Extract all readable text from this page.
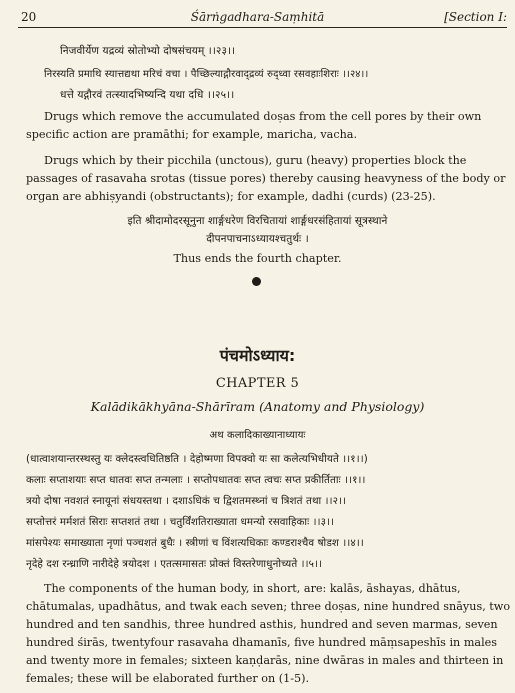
20	Śārṅgadhara-Saṃhitā	[Section I:
निजवीर्येण यद्रव्यं स्रोतोभ्यो दोषसंचयम् ।।२३।।
निरस्यति प्रमाथि स्यात्तद्यथा मरिचं वचा । पैच्छिल्याद्गौरवाद्द्रव्यं रुद्ध्वा रसवहाःशिराः ।।२४।।
धत्ते यद्गौरवं तत्स्यादभिष्यन्दि यथा दधि ।।२५।।
Drugs which remove the accumulated doṣas from the cell pores by their own
specific action are pramāthi; for example, maricha, vacha.
Drugs which by their picchila (unctous), guru (heavy) properties block the
passages of rasavaha srotas (tissue pores) thereby causing heavyness of the body or
organ are abhiṣyandi (obstructants); for example, dadhi (curds) (23-25).
इति श्रीदामोदरसूनुना शार्ङ्गधरेण विरचितायां शार्ङ्गधरसंहितायां सूत्रस्थाने
दीपनपाचनाऽध्यायश्चतुर्थः ।
Thus ends the fourth chapter.
पंचमोऽध्याय:
CHAPTER 5
Kalādikākhyāna-Shārīram (Anatomy and Physiology)
अथ कलादिकाख्यानाध्यायः
(धात्वाशयान्तरस्थस्तु यः क्लेदस्त्वधितिष्ठति । देहोष्मणा विपक्वो यः सा कलेत्यभिधीयते ।।१।।)
कलाः सप्ताशयाः सप्त धातवः सप्त तन्मलाः । सप्तोपधातवः सप्त त्वचः सप्त प्रकीर्तिताः ।।१।।
त्रयो दोषा नवशतं स्नायूनां संधयस्तथा । दशाऽधिकं च द्विशतमस्थ्नां च त्रिशतं तथा ।।२।।
सप्तोत्तरं मर्मशतं सिराः सप्तशतं तथा । चतुर्विंशतिराख्याता धमन्यो रसवाहिकाः ।।३।।
मांसपेश्यः समाख्याता नृणां पञ्चशतं बुधैः । स्त्रीणां च विंशत्यधिकाः कण्डराश्चैव षोडश ।।४।।
नृदेहे दश रन्ध्राणि नारीदेहे त्रयोदश । एतत्समासतः प्रोक्तं विस्तरेणाधुनोच्यते ।।५।।
The components of the human body, in short, are: kalās, āshayas, dhātus,
chātumalas, upadhātus, and twak each seven; three doṣas, nine hundred snāyus, two
hundred and ten sandhis, three hundred asthis, hundred and seven marmas, seven
hundred śirās, twentyfour rasavaha dhamanīs, five hundred māṃsapeshīs in males
and twenty more in females; sixteen kaṇḍarās, nine dwāras in males and thirteen in
females; these will be elaborated further on (1-5).
